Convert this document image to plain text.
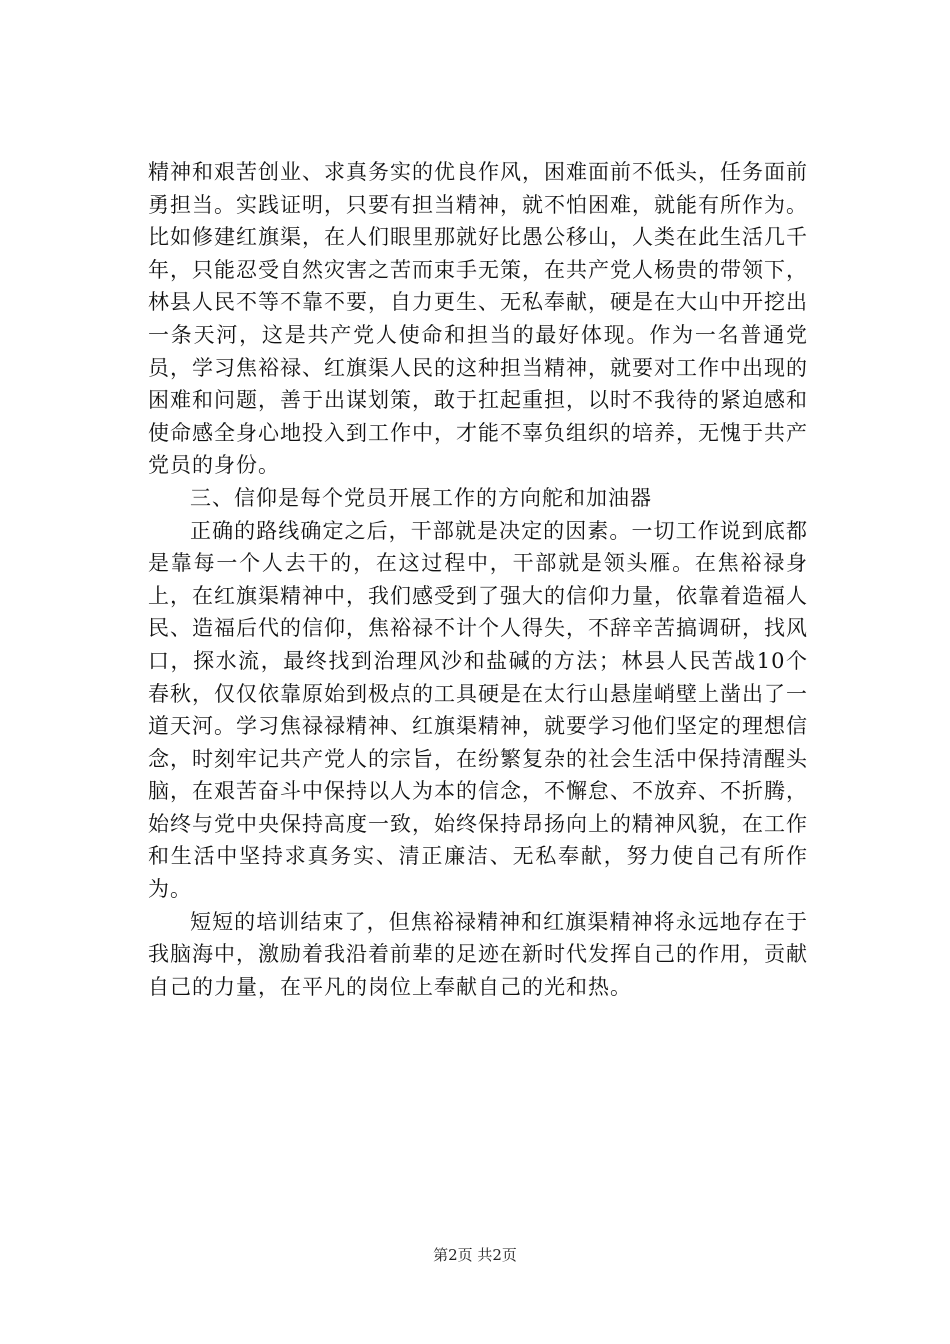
精神和艰苦创业、求真务实的优良作风，困难面前不低头，任务面前勇担当。实践证明，只要有担当精神，就不怕困难，就能有所作为。比如修建红旗渠，在人们眼里那就好比愚公移山，人类在此生活几千年，只能忍受自然灾害之苦而束手无策，在共产党人杨贵的带领下，林县人民不等不靠不要，自力更生、无私奉献，硬是在大山中开挖出一条天河，这是共产党人使命和担当的最好体现。作为一名普通党员，学习焦裕禄、红旗渠人民的这种担当精神，就要对工作中出现的困难和问题，善于出谋划策，敢于扛起重担，以时不我待的紧迫感和使命感全身心地投入到工作中，才能不辜负组织的培养，无愧于共产党员的身份。

三、信仰是每个党员开展工作的方向舵和加油器

正确的路线确定之后，干部就是决定的因素。一切工作说到底都是靠每一个人去干的，在这过程中，干部就是领头雁。在焦裕禄身上，在红旗渠精神中，我们感受到了强大的信仰力量，依靠着造福人民、造福后代的信仰，焦裕禄不计个人得失，不辞辛苦搞调研，找风口，探水流，最终找到治理风沙和盐碱的方法；林县人民苦战10个春秋，仅仅依靠原始到极点的工具硬是在太行山悬崖峭壁上凿出了一道天河。学习焦禄禄精神、红旗渠精神，就要学习他们坚定的理想信念，时刻牢记共产党人的宗旨，在纷繁复杂的社会生活中保持清醒头脑，在艰苦奋斗中保持以人为本的信念，不懈怠、不放弃、不折腾，始终与党中央保持高度一致，始终保持昂扬向上的精神风貌，在工作和生活中坚持求真务实、清正廉洁、无私奉献，努力使自己有所作为。

短短的培训结束了，但焦裕禄精神和红旗渠精神将永远地存在于我脑海中，激励着我沿着前辈的足迹在新时代发挥自己的作用，贡献自己的力量，在平凡的岗位上奉献自己的光和热。

第2页 共2页
